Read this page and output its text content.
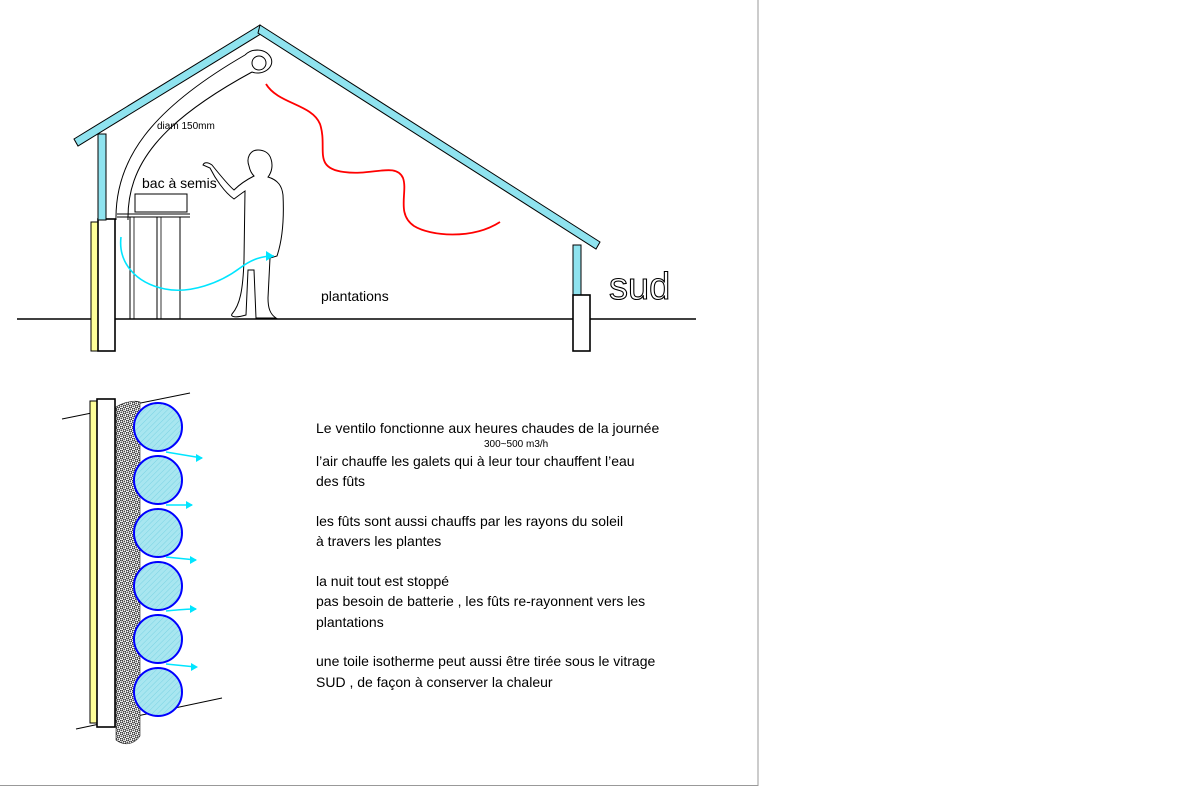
diam 150mm
bac à semis
plantations	sud

Le ventilo fonctionne aux heures chaudes de la journée

300~500 m3/h

l’air chauffe les galets qui à leur tour chauffent l’eau
des fûts

les fûts sont aussi chauffs par les rayons du soleil
à travers les plantes

la nuit tout est stoppé
pas besoin de batterie , les fûts re-rayonnent vers les
plantations

une toile isotherme peut aussi être tirée sous le vitrage
SUD , de façon à conserver la chaleur
